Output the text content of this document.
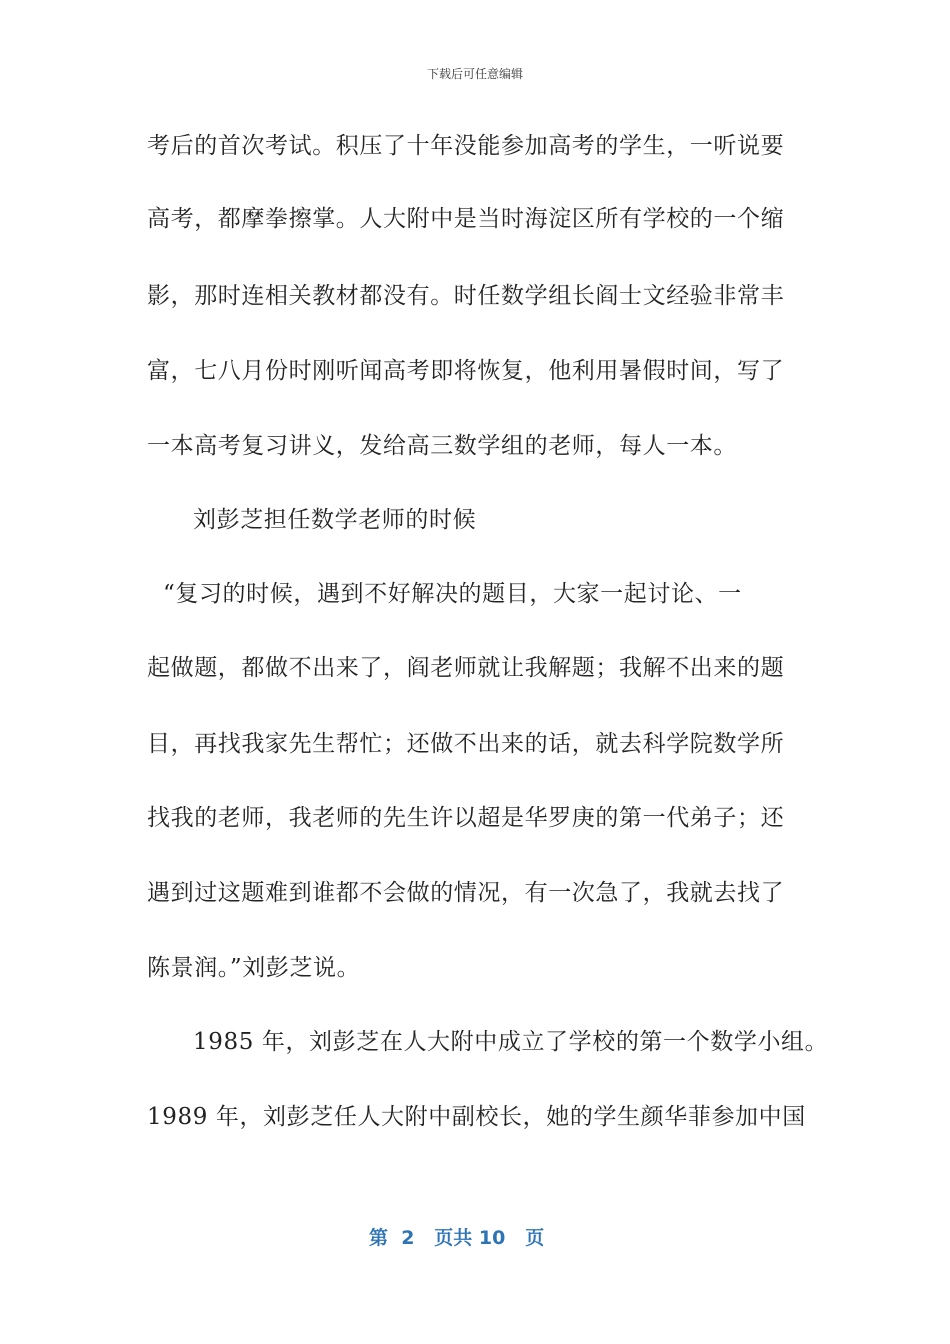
下载后可任意编辑
考后的首次考试。积压了十年没能参加高考的学生，一听说要
高考，都摩拳擦掌。人大附中是当时海淀区所有学校的一个缩
影，那时连相关教材都没有。时任数学组长阎士文经验非常丰
富，七八月份时刚听闻高考即将恢复，他利用暑假时间，写了
一本高考复习讲义，发给高三数学组的老师，每人一本。
刘彭芝担任数学老师的时候
“复习的时候，遇到不好解决的题目，大家一起讨论、一
起做题，都做不出来了，阎老师就让我解题；我解不出来的题
目，再找我家先生帮忙；还做不出来的话，就去科学院数学所
找我的老师，我老师的先生许以超是华罗庚的第一代弟子；还
遇到过这题难到谁都不会做的情况，有一次急了，我就去找了
陈景润。”刘彭芝说。
1985 年，刘彭芝在人大附中成立了学校的第一个数学小组。
1989 年，刘彭芝任人大附中副校长，她的学生颜华菲参加中国
第  2   页共 10   页
